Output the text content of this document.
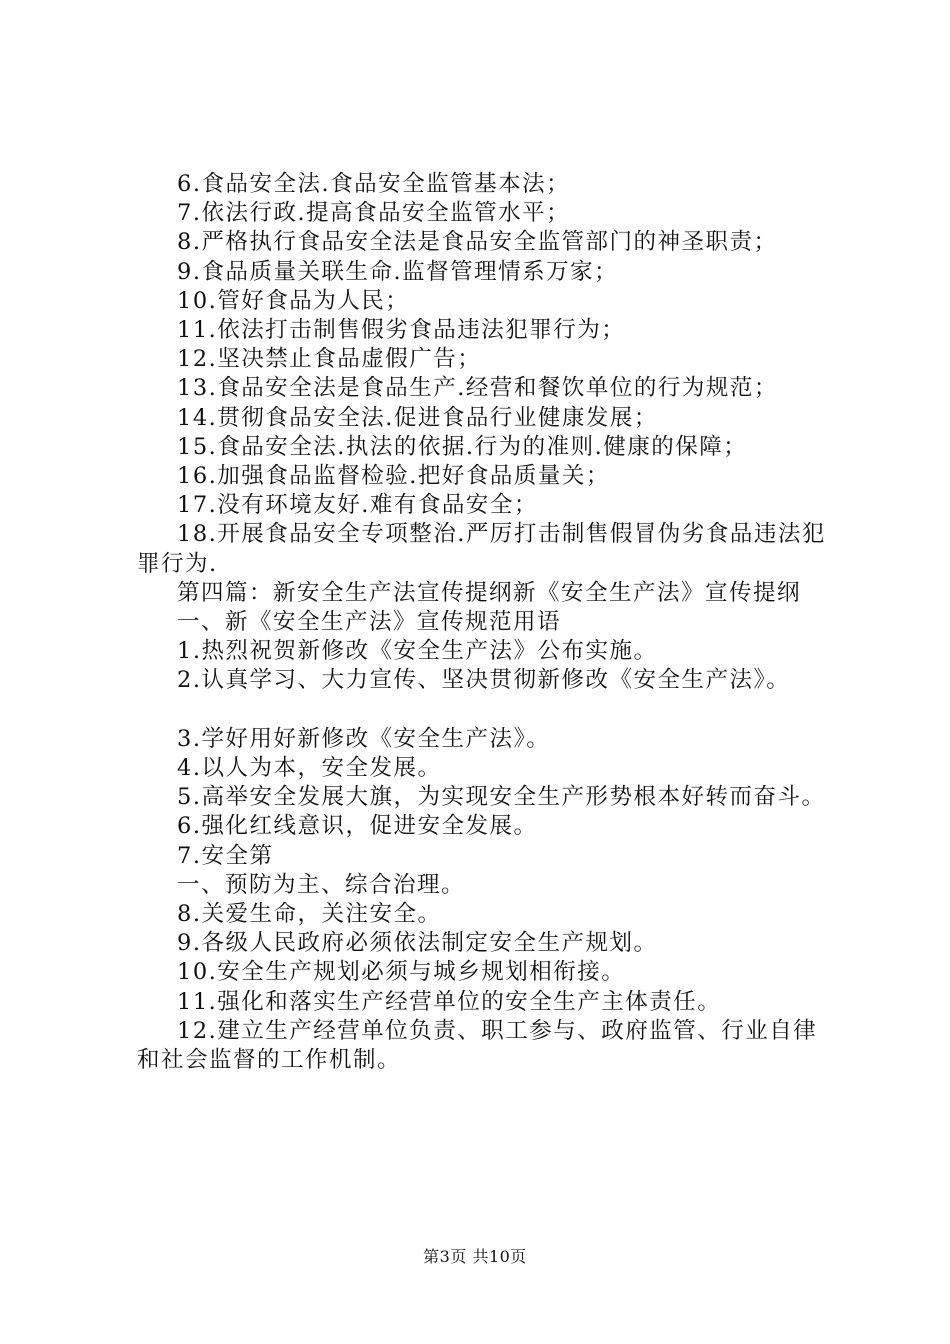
6.食品安全法.食品安全监管基本法；

7.依法行政.提高食品安全监管水平；

8.严格执行食品安全法是食品安全监管部门的神圣职责；

9.食品质量关联生命.监督管理情系万家；

10.管好食品为人民；

11.依法打击制售假劣食品违法犯罪行为；

12.坚决禁止食品虚假广告；

13.食品安全法是食品生产.经营和餐饮单位的行为规范；

14.贯彻食品安全法.促进食品行业健康发展；

15.食品安全法.执法的依据.行为的准则.健康的保障；

16.加强食品监督检验.把好食品质量关；

17.没有环境友好.难有食品安全；

18.开展食品安全专项整治.严厉打击制售假冒伪劣食品违法犯罪行为.

第四篇：新安全生产法宣传提纲新《安全生产法》宣传提纲

一、新《安全生产法》宣传规范用语

1.热烈祝贺新修改《安全生产法》公布实施。

2.认真学习、大力宣传、坚决贯彻新修改《安全生产法》。

3.学好用好新修改《安全生产法》。

4.以人为本，安全发展。

5.高举安全发展大旗，为实现安全生产形势根本好转而奋斗。

6.强化红线意识，促进安全发展。

7.安全第

一、预防为主、综合治理。

8.关爱生命，关注安全。

9.各级人民政府必须依法制定安全生产规划。

10.安全生产规划必须与城乡规划相衔接。

11.强化和落实生产经营单位的安全生产主体责任。

12.建立生产经营单位负责、职工参与、政府监管、行业自律和社会监督的工作机制。

第3页 共10页
